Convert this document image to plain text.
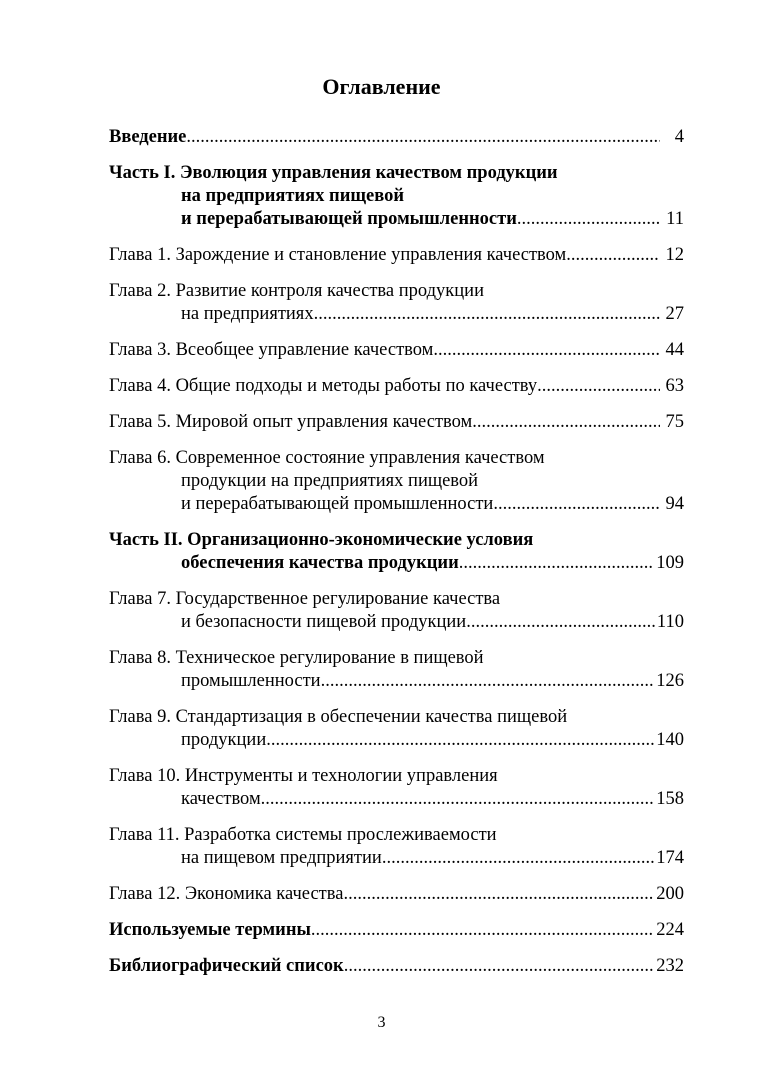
Оглавление
Введение .....	4
Часть I. Эволюция управления качеством продукции
на предприятиях пищевой
и перерабатывающей промышленности .....	11
Глава 1. Зарождение и становление управления качеством .....	12
Глава 2. Развитие контроля качества продукции
на предприятиях .....	27
Глава 3. Всеобщее управление качеством .....	44
Глава 4. Общие подходы и методы работы по качеству .....	63
Глава 5. Мировой опыт управления качеством .....	75
Глава 6. Современное состояние управления качеством
продукции на предприятиях пищевой
и перерабатывающей промышленности .....	94
Часть II. Организационно-экономические условия
обеспечения качества продукции .....	109
Глава 7. Государственное регулирование качества
и безопасности пищевой продукции .....	110
Глава 8. Техническое регулирование в пищевой
промышленности .....	126
Глава 9. Стандартизация в обеспечении качества пищевой
продукции .....	140
Глава 10. Инструменты и технологии управления
качеством .....	158
Глава 11. Разработка системы прослеживаемости
на пищевом предприятии .....	174
Глава 12. Экономика качества .....	200
Используемые термины .....	224
Библиографический список .....	232
3
